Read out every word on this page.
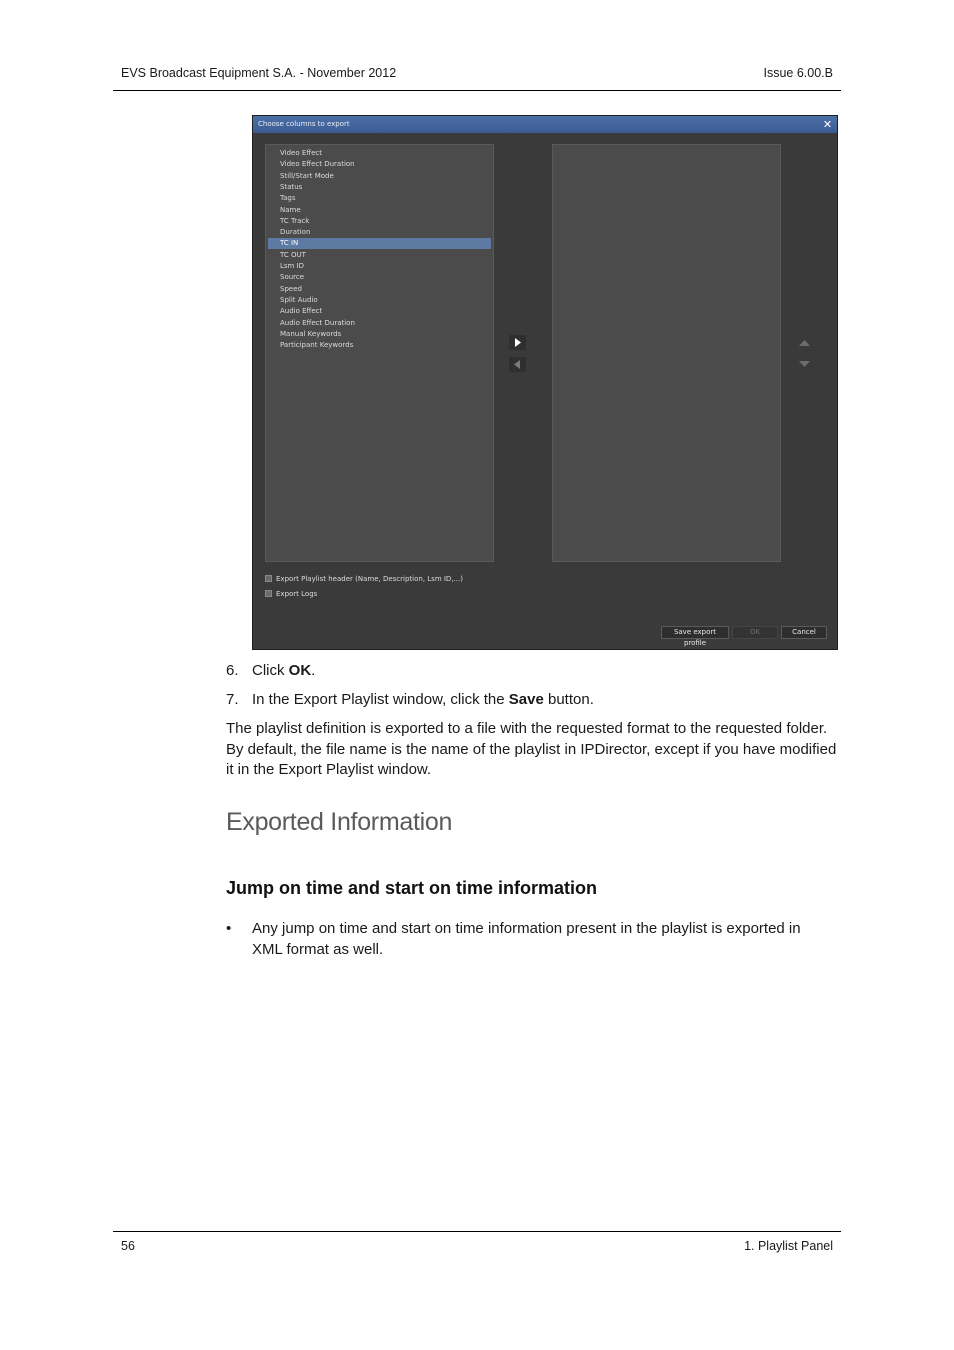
EVS Broadcast Equipment S.A. - November 2012	Issue 6.00.B
Choose columns to export	✕
Video Effect
Video Effect Duration
Still/Start Mode
Status
Tags
Name
TC Track
Duration
TC IN
TC OUT
Lsm ID
Source
Speed
Split Audio
Audio Effect
Audio Effect Duration
Manual Keywords
Participant Keywords
Export Playlist header (Name, Description, Lsm ID,...)
Export Logs
Save export profile
OK	Cancel
6. Click OK.
7. In the Export Playlist window, click the Save button.
The playlist definition is exported to a file with the requested format to the requested folder. By default, the file name is the name of the playlist in IPDirector, except if you have modified it in the Export Playlist window.
Exported Information
Jump on time and start on time information
• Any jump on time and start on time information present in the playlist is exported in XML format as well.
56	1. Playlist Panel
